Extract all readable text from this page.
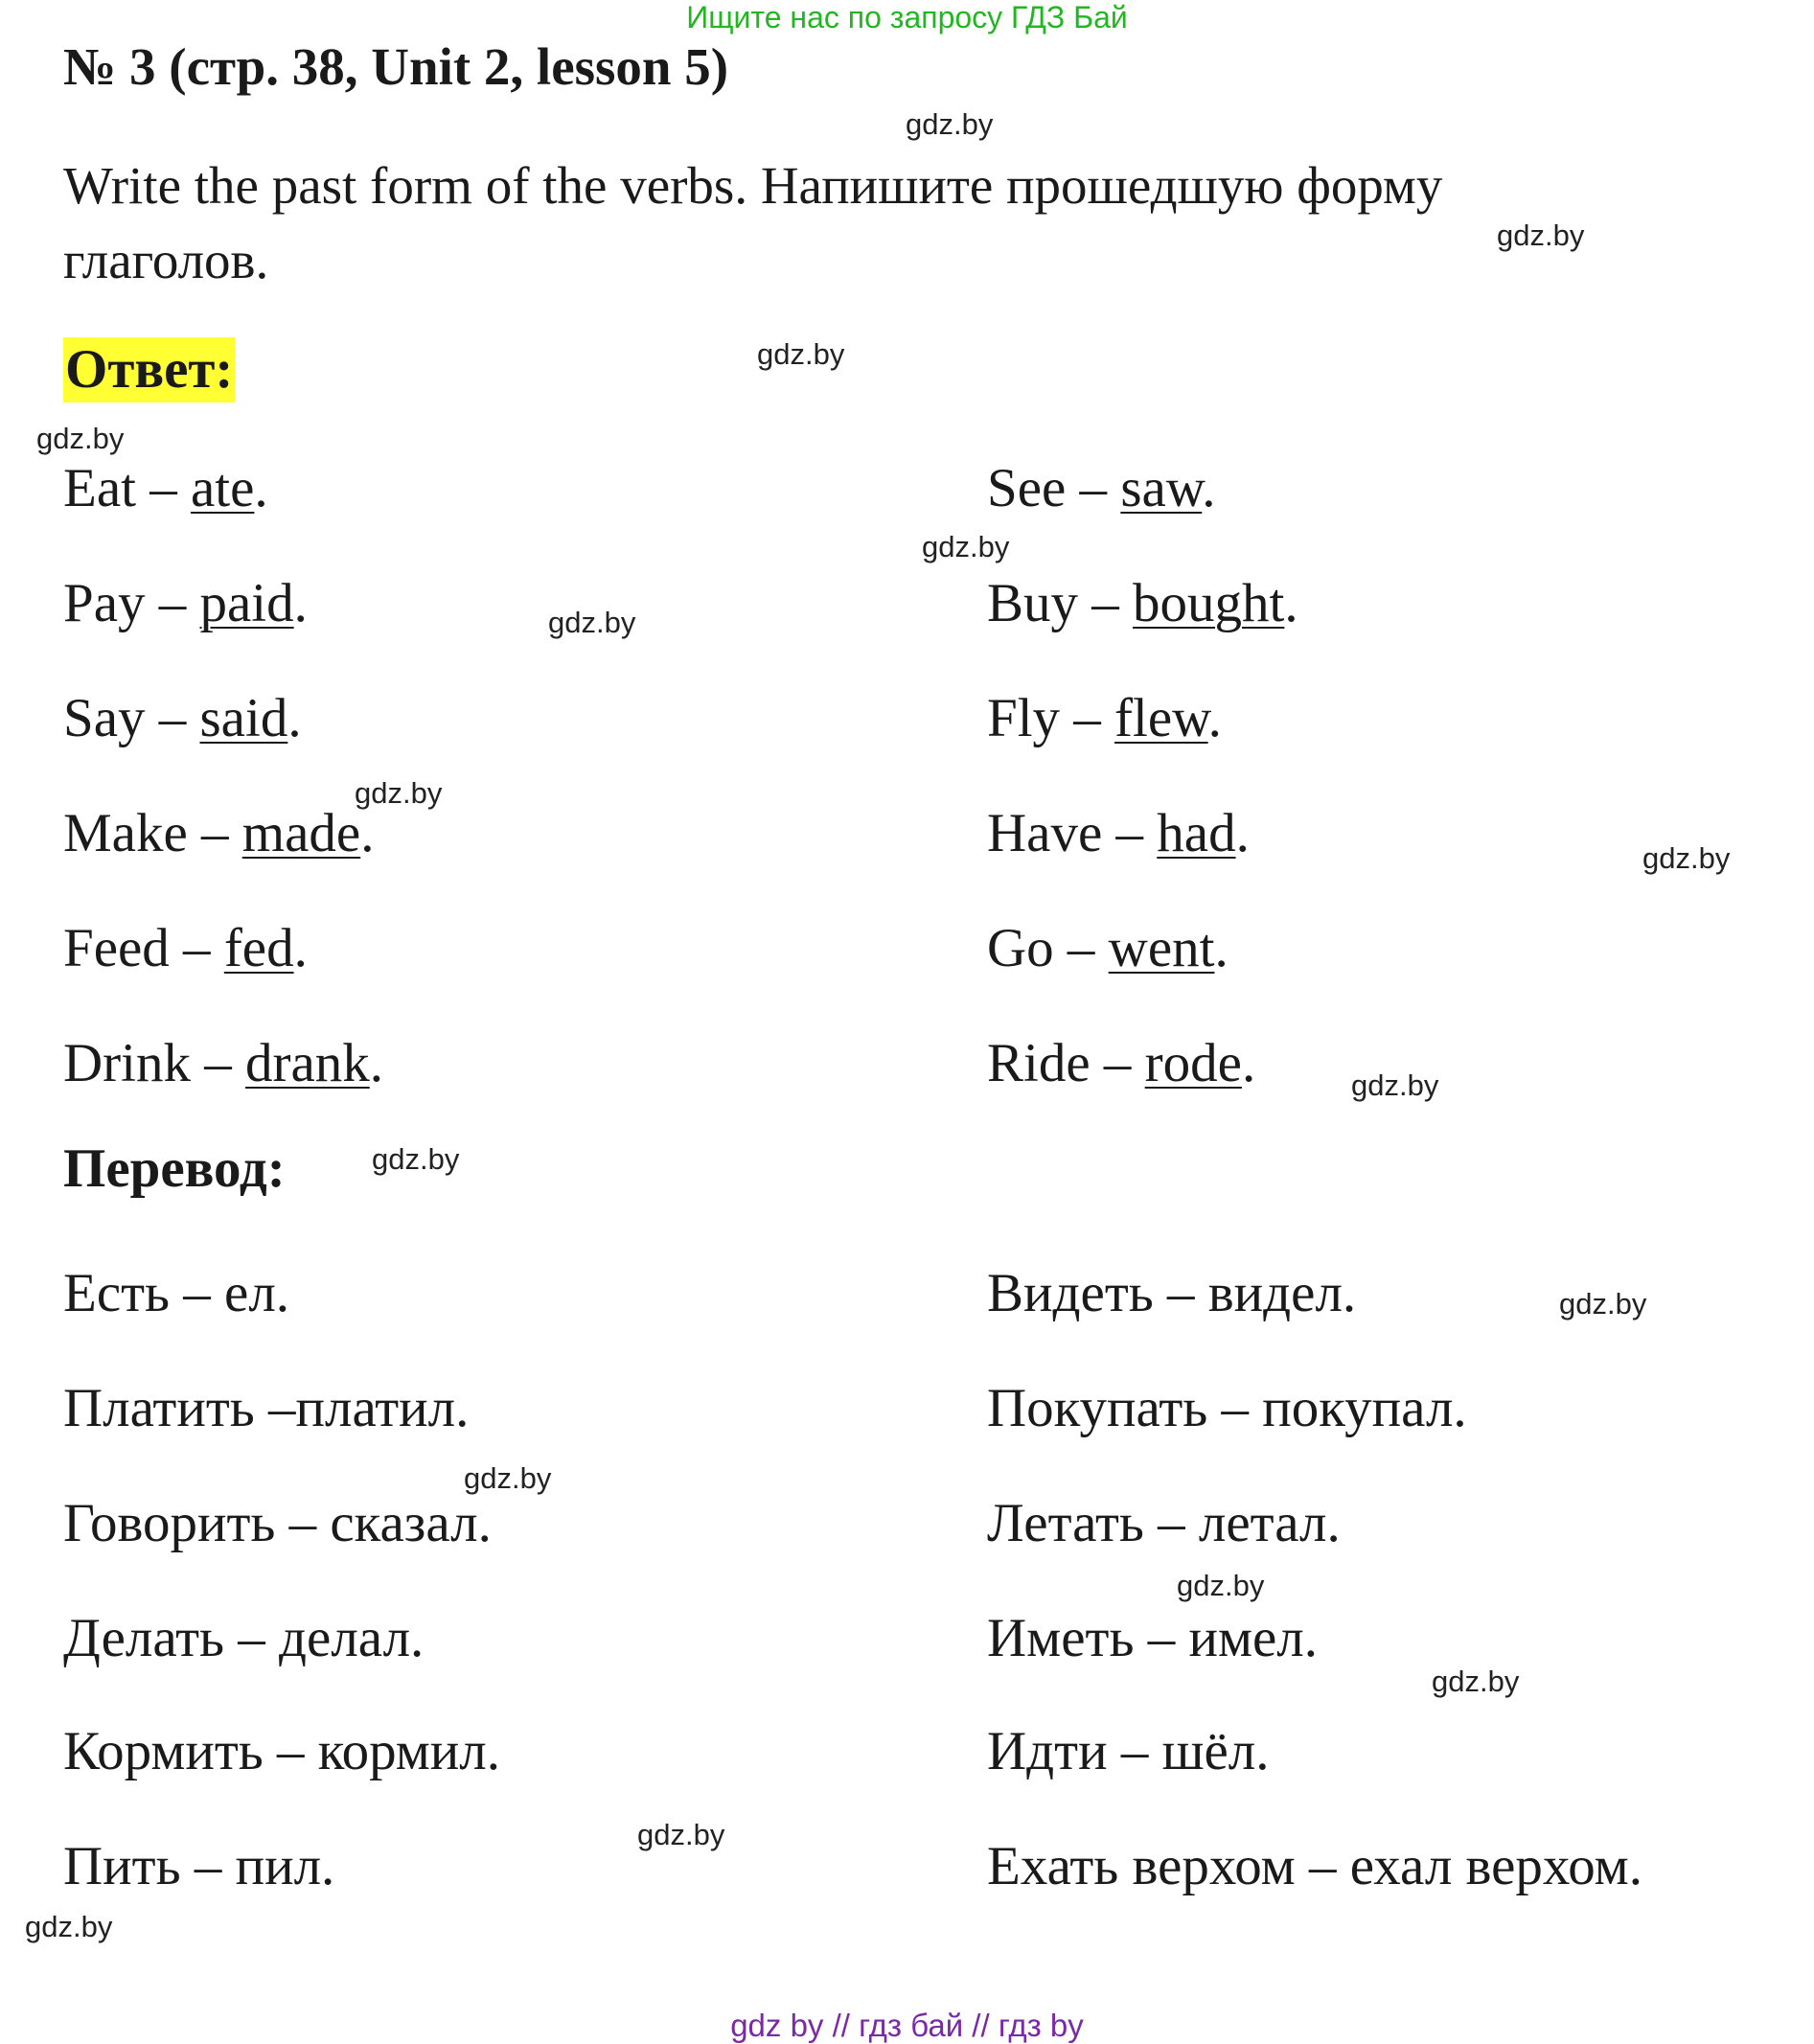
Ищите нас по запросу ГДЗ Бай
№ 3 (стр. 38, Unit 2, lesson 5)
Write the past form of the verbs. Напишите прошедшую форму глаголов.
Ответ:
Eat – ate.
Pay – paid.
Say – said.
Make – made.
Feed – fed.
Drink – drank.
See – saw.
Buy – bought.
Fly – flew.
Have – had.
Go – went.
Ride – rode.
Перевод:
Есть – ел.
Платить –платил.
Говорить – сказал.
Делать – делал.
Кормить – кормил.
Пить – пил.
Видеть – видел.
Покупать – покупал.
Летать – летал.
Иметь – имел.
Идти – шёл.
Ехать верхом – ехал верхом.
gdz.by
gdz.by
gdz.by
gdz.by
gdz.by
gdz.by
gdz.by
gdz.by
gdz.by
gdz.by
gdz.by
gdz.by
gdz.by
gdz.by
gdz.by
gdz.by
gdz by // гдз бай // гдз by
